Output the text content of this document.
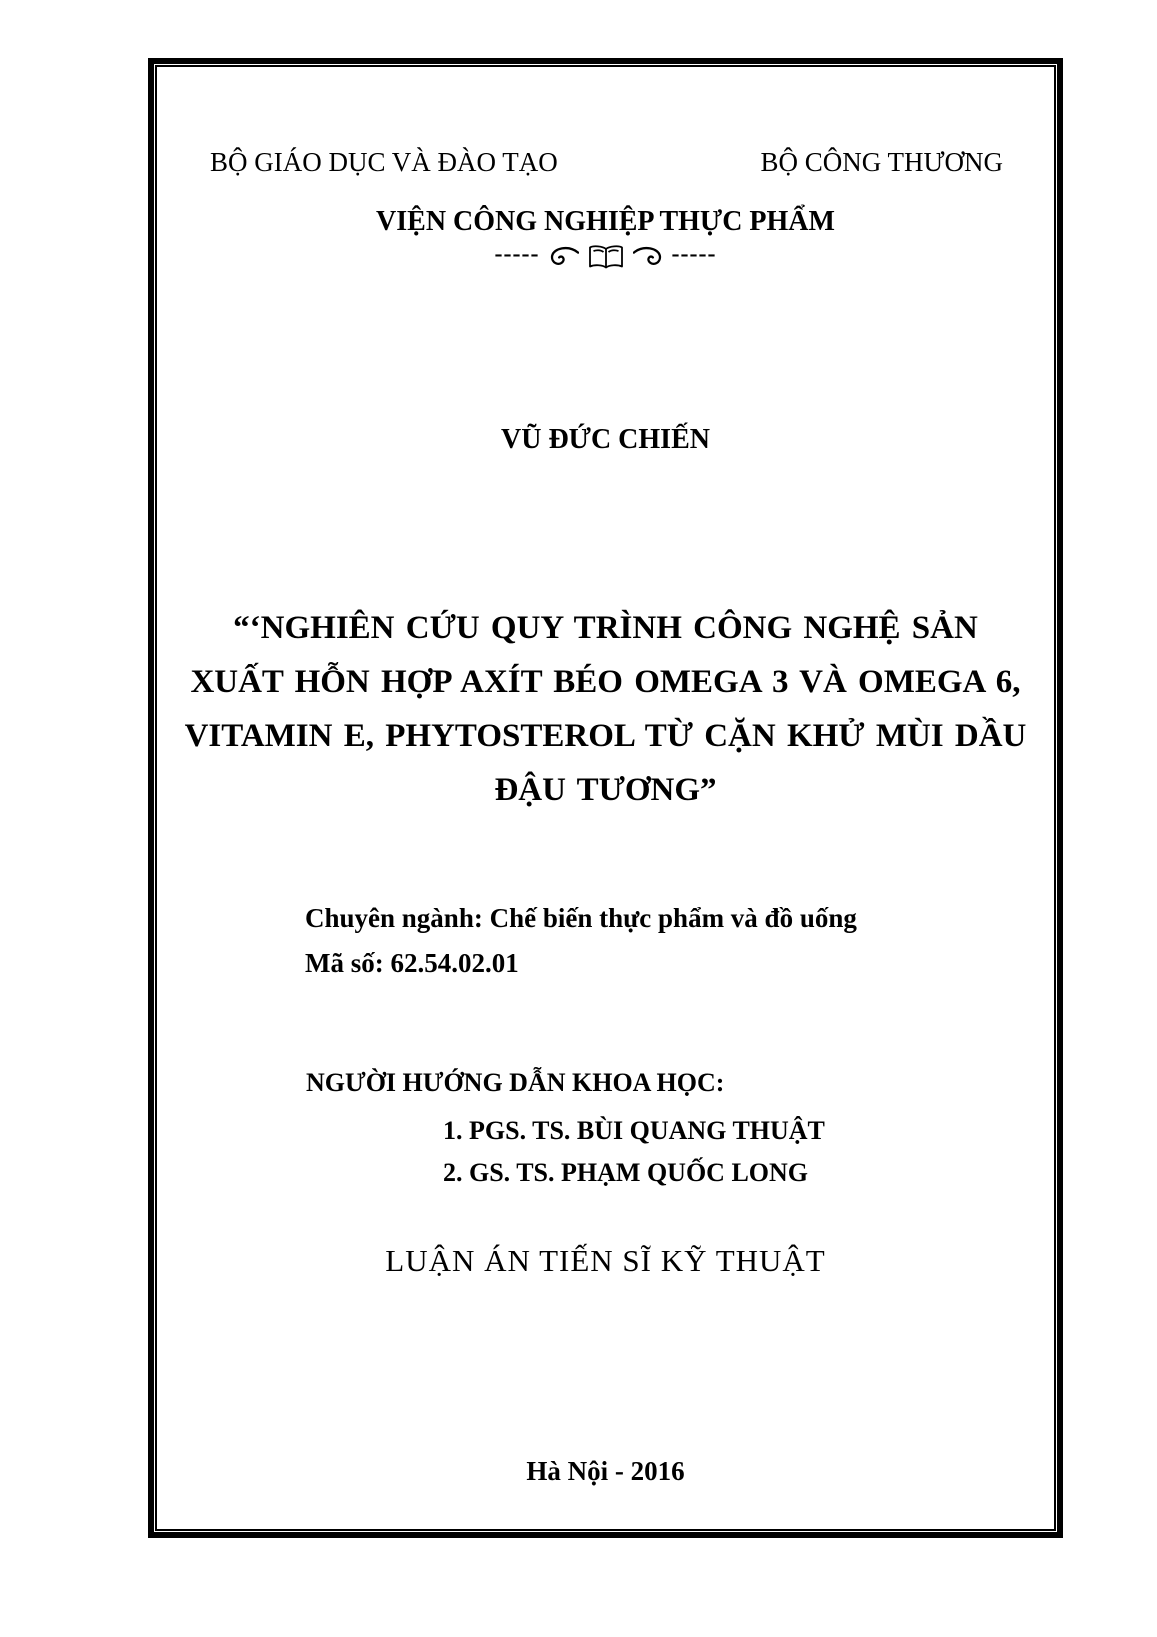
BỘ GIÁO DỤC VÀ ĐÀO TẠO	BỘ CÔNG THƯƠNG
VIỆN CÔNG NGHIỆP THỰC PHẨM
-----	-----
VŨ ĐỨC CHIẾN
“‘NGHIÊN CỨU QUY TRÌNH CÔNG NGHỆ SẢN
XUẤT HỖN HỢP AXÍT BÉO OMEGA 3 VÀ OMEGA 6,
VITAMIN E, PHYTOSTEROL TỪ CẶN KHỬ MÙI DẦU
ĐẬU TƯƠNG”
Chuyên ngành: Chế biến thực phẩm và đồ uống
Mã số: 62.54.02.01
NGƯỜI HƯỚNG DẪN KHOA HỌC:
1. PGS. TS. BÙI QUANG THUẬT
2. GS. TS. PHẠM QUỐC LONG
LUẬN ÁN TIẾN SĨ KỸ THUẬT
Hà Nội - 2016
